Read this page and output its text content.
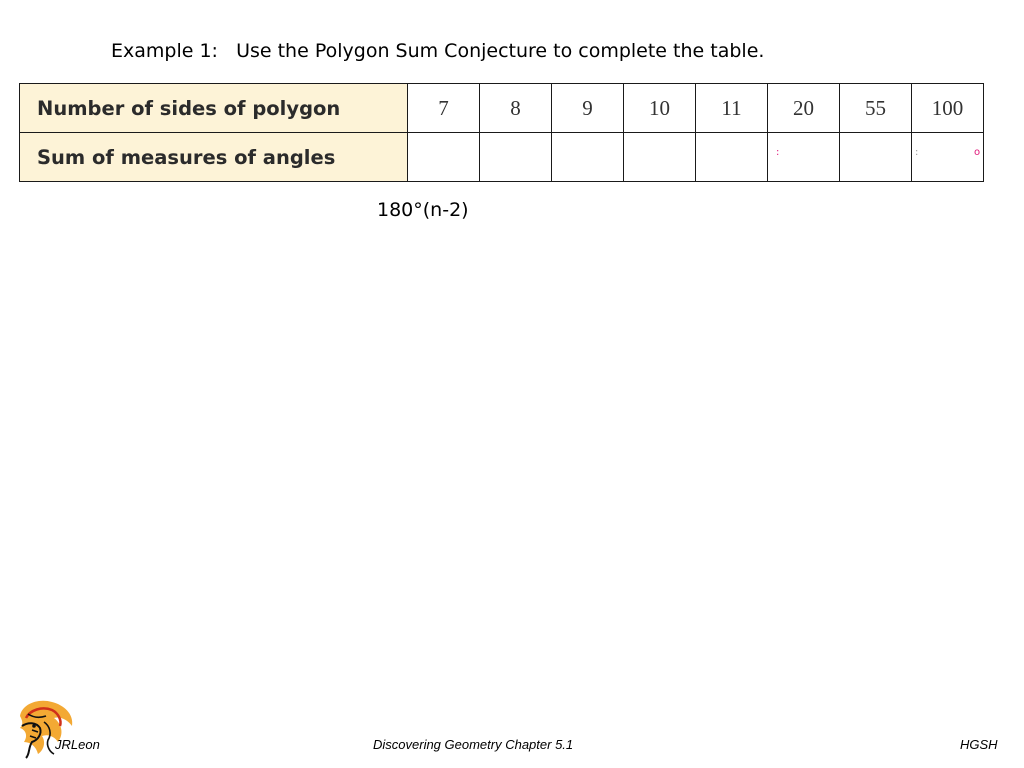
Example 1:   Use the Polygon Sum Conjecture to complete the table.
Number of sides of polygon	7	8	9	10	11	20	55	100
Sum of measures of angles						:		: o
180°(n-2)
JRLeon	Discovering Geometry Chapter 5.1	HGSH
